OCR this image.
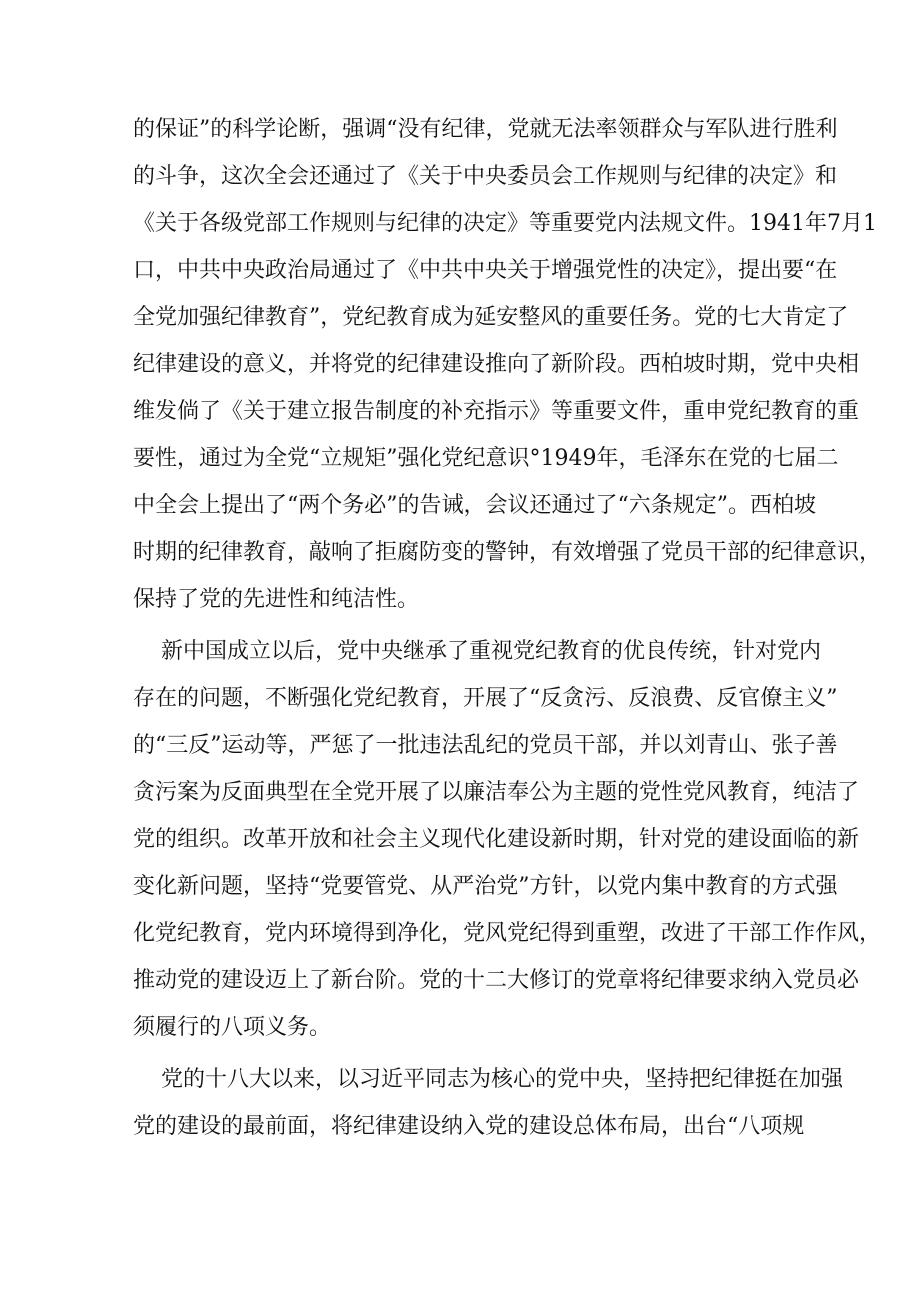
的保证”的科学论断，强调“没有纪律，党就无法率领群众与军队进行胜利
的斗争，这次全会还通过了《关于中央委员会工作规则与纪律的决定》和
《关于各级党部工作规则与纪律的决定》等重要党内法规文件。1941年7月1
口，中共中央政治局通过了《中共中央关于增强党性的决定》，提出要“在
全党加强纪律教育”，党纪教育成为延安整风的重要任务。党的七大肯定了
纪律建设的意义，并将党的纪律建设推向了新阶段。西柏坡时期，党中央相
维发倘了《关于建立报告制度的补充指示》等重要文件，重申党纪教育的重
要性，通过为全党“立规矩”强化党纪意识°1949年，毛泽东在党的七届二
中全会上提出了“两个务必”的告诫，会议还通过了“六条规定”。西柏坡
时期的纪律教育，敲响了拒腐防变的警钟，有效增强了党员干部的纪律意识，
保持了党的先进性和纯洁性。
新中国成立以后，党中央继承了重视党纪教育的优良传统，针对党内
存在的问题，不断强化党纪教育，开展了“反贪污、反浪费、反官僚主义”
的“三反”运动等，严惩了一批违法乱纪的党员干部，并以刘青山、张子善
贪污案为反面典型在全党开展了以廉洁奉公为主题的党性党风教育，纯洁了
党的组织。改革开放和社会主义现代化建设新时期，针对党的建设面临的新
变化新问题，坚持“党要管党、从严治党”方针，以党内集中教育的方式强
化党纪教育，党内环境得到净化，党风党纪得到重塑，改进了干部工作作风，
推动党的建设迈上了新台阶。党的十二大修订的党章将纪律要求纳入党员必
须履行的八项义务。
党的十八大以来，以习近平同志为核心的党中央，坚持把纪律挺在加强
党的建设的最前面，将纪律建设纳入党的建设总体布局，出台“八项规
